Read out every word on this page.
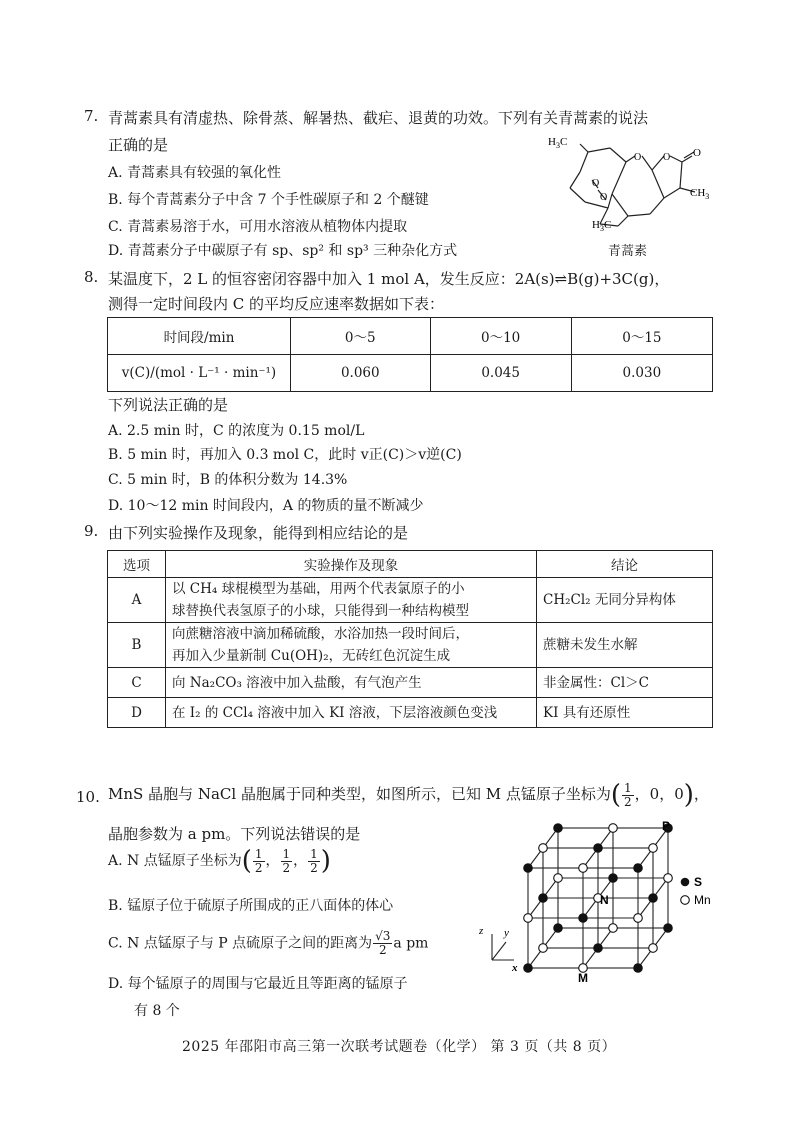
7. 青蒿素具有清虚热、除骨蒸、解暑热、截疟、退黄的功效。下列有关青蒿素的说法
正确的是
A. 青蒿素具有较强的氧化性
B. 每个青蒿素分子中含 7 个手性碳原子和 2 个醚键
C. 青蒿素易溶于水，可用水溶液从植物体内提取
D. 青蒿素分子中碳原子有 sp、sp² 和 sp³ 三种杂化方式
$H_3C$
O
O
O O O
$CH_3$
$H_3C$
青蒿素
8. 某温度下，2 L 的恒容密闭容器中加入 1 mol A，发生反应：2A(s)⇌B(g)+3C(g)，
测得一定时间段内 C 的平均反应速率数据如下表：
时间段/min	0～5	0～10	0～15
v(C)/(mol · L⁻¹ · min⁻¹)	0.060	0.045	0.030
下列说法正确的是
A. 2.5 min 时，C 的浓度为 0.15 mol/L
B. 5 min 时，再加入 0.3 mol C，此时 v正(C)＞v逆(C)
C. 5 min 时，B 的体积分数为 14.3%
D. 10～12 min 时间段内，A 的物质的量不断减少
9. 由下列实验操作及现象，能得到相应结论的是
选项	实验操作及现象	结论
A	以 CH₄ 球棍模型为基础，用两个代表氯原子的小
球替换代表氢原子的小球，只能得到一种结构模型	CH₂Cl₂ 无同分异构体
B	向蔗糖溶液中滴加稀硫酸，水浴加热一段时间后，
再加入少量新制 Cu(OH)₂，无砖红色沉淀生成	蔗糖未发生水解
C	向 Na₂CO₃ 溶液中加入盐酸，有气泡产生	非金属性：Cl＞C
D	在 I₂ 的 CCl₄ 溶液中加入 KI 溶液，下层溶液颜色变浅	KI 具有还原性
10. MnS 晶胞与 NaCl 晶胞属于同种类型，如图所示，已知 M 点锰原子坐标为( $\frac{1}{2}$ ，0，0)，
晶胞参数为 a pm。下列说法错误的是
A. N 点锰原子坐标为( $\frac{1}{2}$ ， $\frac{1}{2}$ ， $\frac{1}{2}$ )
B. 锰原子位于硫原子所围成的正八面体的体心
C. N 点锰原子与 P 点硫原子之间的距离为 $\frac{√3}{2}$ a pm
D. 每个锰原子的周围与它最近且等距离的锰原子
有 8 个
P
N
M
z y
x
S
Mn
2025 年邵阳市高三第一次联考试题卷（化学） 第 3 页（共 8 页）
